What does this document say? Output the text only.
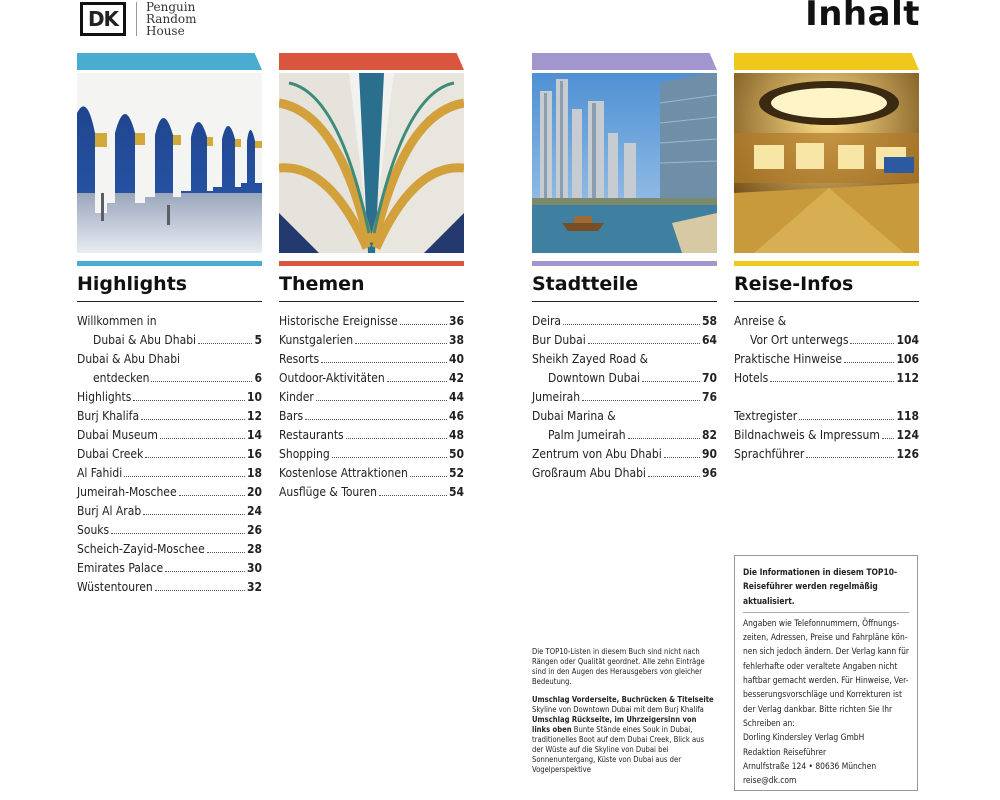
DK	Penguin
Random
House	Inhalt
Highlights
Willkommen in
Dubai & Abu Dhabi	5
Dubai & Abu Dhabi
entdecken	6
Highlights	10
Burj Khalifa	12
Dubai Museum	14
Dubai Creek	16
Al Fahidi	18
Jumeirah-Moschee	20
Burj Al Arab	24
Souks	26
Scheich-Zayid-Moschee	28
Emirates Palace	30
Wüstentouren	32
Themen
Historische Ereignisse	36
Kunstgalerien	38
Resorts	40
Outdoor-Aktivitäten	42
Kinder	44
Bars	46
Restaurants	48
Shopping	50
Kostenlose Attraktionen	52
Ausflüge & Touren	54
Stadtteile
Deira	58
Bur Dubai	64
Sheikh Zayed Road &
Downtown Dubai	70
Jumeirah	76
Dubai Marina &
Palm Jumeirah	82
Zentrum von Abu Dhabi	90
Großraum Abu Dhabi	96
Reise-Infos
Anreise &
Vor Ort unterwegs	104
Praktische Hinweise	106
Hotels	112
Textregister	118
Bildnachweis & Impressum 124
Sprachführer	126

Die TOP10-Listen in diesem Buch sind nicht nach Rängen oder Qualität geordnet. Alle zehn Einträge sind in den Augen des Herausgebers von gleicher Bedeutung.

Umschlag Vorderseite, Buchrücken & Titelseite Skyline von Downtown Dubai mit dem Burj Khalifa
Umschlag Rückseite, im Uhrzeigersinn von links oben Bunte Stände eines Souk in Dubai, traditionelles Boot auf dem Dubai Creek, Blick aus der Wüste auf die Skyline von Dubai bei Sonnenuntergang, Küste von Dubai aus der Vogelperspektive
Die Informationen in diesem TOP10-
Reiseführer werden regelmäßig
aktualisiert.
Angaben wie Telefonnummern, Öffnungs-
zeiten, Adressen, Preise und Fahrpläne kön-
nen sich jedoch ändern. Der Verlag kann für
fehlerhafte oder veraltete Angaben nicht
haftbar gemacht werden. Für Hinweise, Ver-
besserungsvorschläge und Korrekturen ist
der Verlag dankbar. Bitte richten Sie Ihr
Schreiben an:
Dorling Kindersley Verlag GmbH
Redaktion Reiseführer
Arnulfstraße 124 • 80636 München
reise@dk.com
